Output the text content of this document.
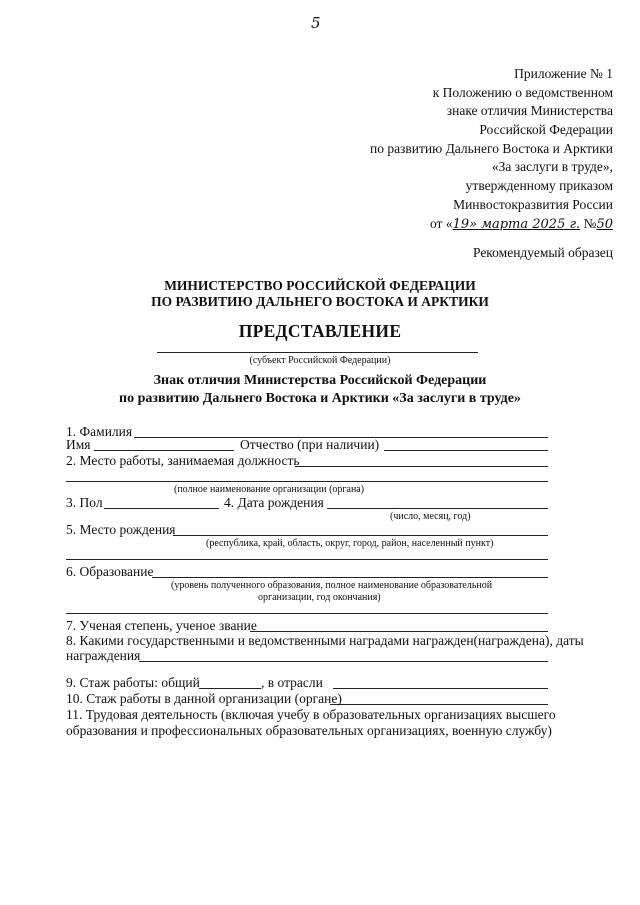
5
Приложение № 1
к Положению о ведомственном
знаке отличия Министерства
Российской Федерации
по развитию Дальнего Востока и Арктики
«За заслуги в труде»,
утвержденному приказом
Минвостокразвития России
от «19» марта 2025 г. №50
Рекомендуемый образец
МИНИСТЕРСТВО РОССИЙСКОЙ ФЕДЕРАЦИИ
ПО РАЗВИТИЮ ДАЛЬНЕГО ВОСТОКА И АРКТИКИ
ПРЕДСТАВЛЕНИЕ
(субъект Российской Федерации)
Знак отличия Министерства Российской Федерации
по развитию Дальнего Востока и Арктики «За заслуги в труде»
1. Фамилия
Имя	Отчество (при наличии)
2. Место работы, занимаемая должность
(полное наименование организации (органа)
3. Пол	4. Дата рождения
(число, месяц, год)
5. Место рождения
(республика, край, область, округ, город, район, населенный пункт)
6. Образование
(уровень полученного образования, полное наименование образовательной
организации, год окончания)
7. Ученая степень, ученое звание
8. Какими государственными и ведомственными наградами награжден(награждена), даты
награждения
9. Стаж работы: общий	, в отрасли
10. Стаж работы в данной организации (органе)
11. Трудовая деятельность (включая учебу в образовательных организациях высшего
образования и профессиональных образовательных организациях, военную службу)
